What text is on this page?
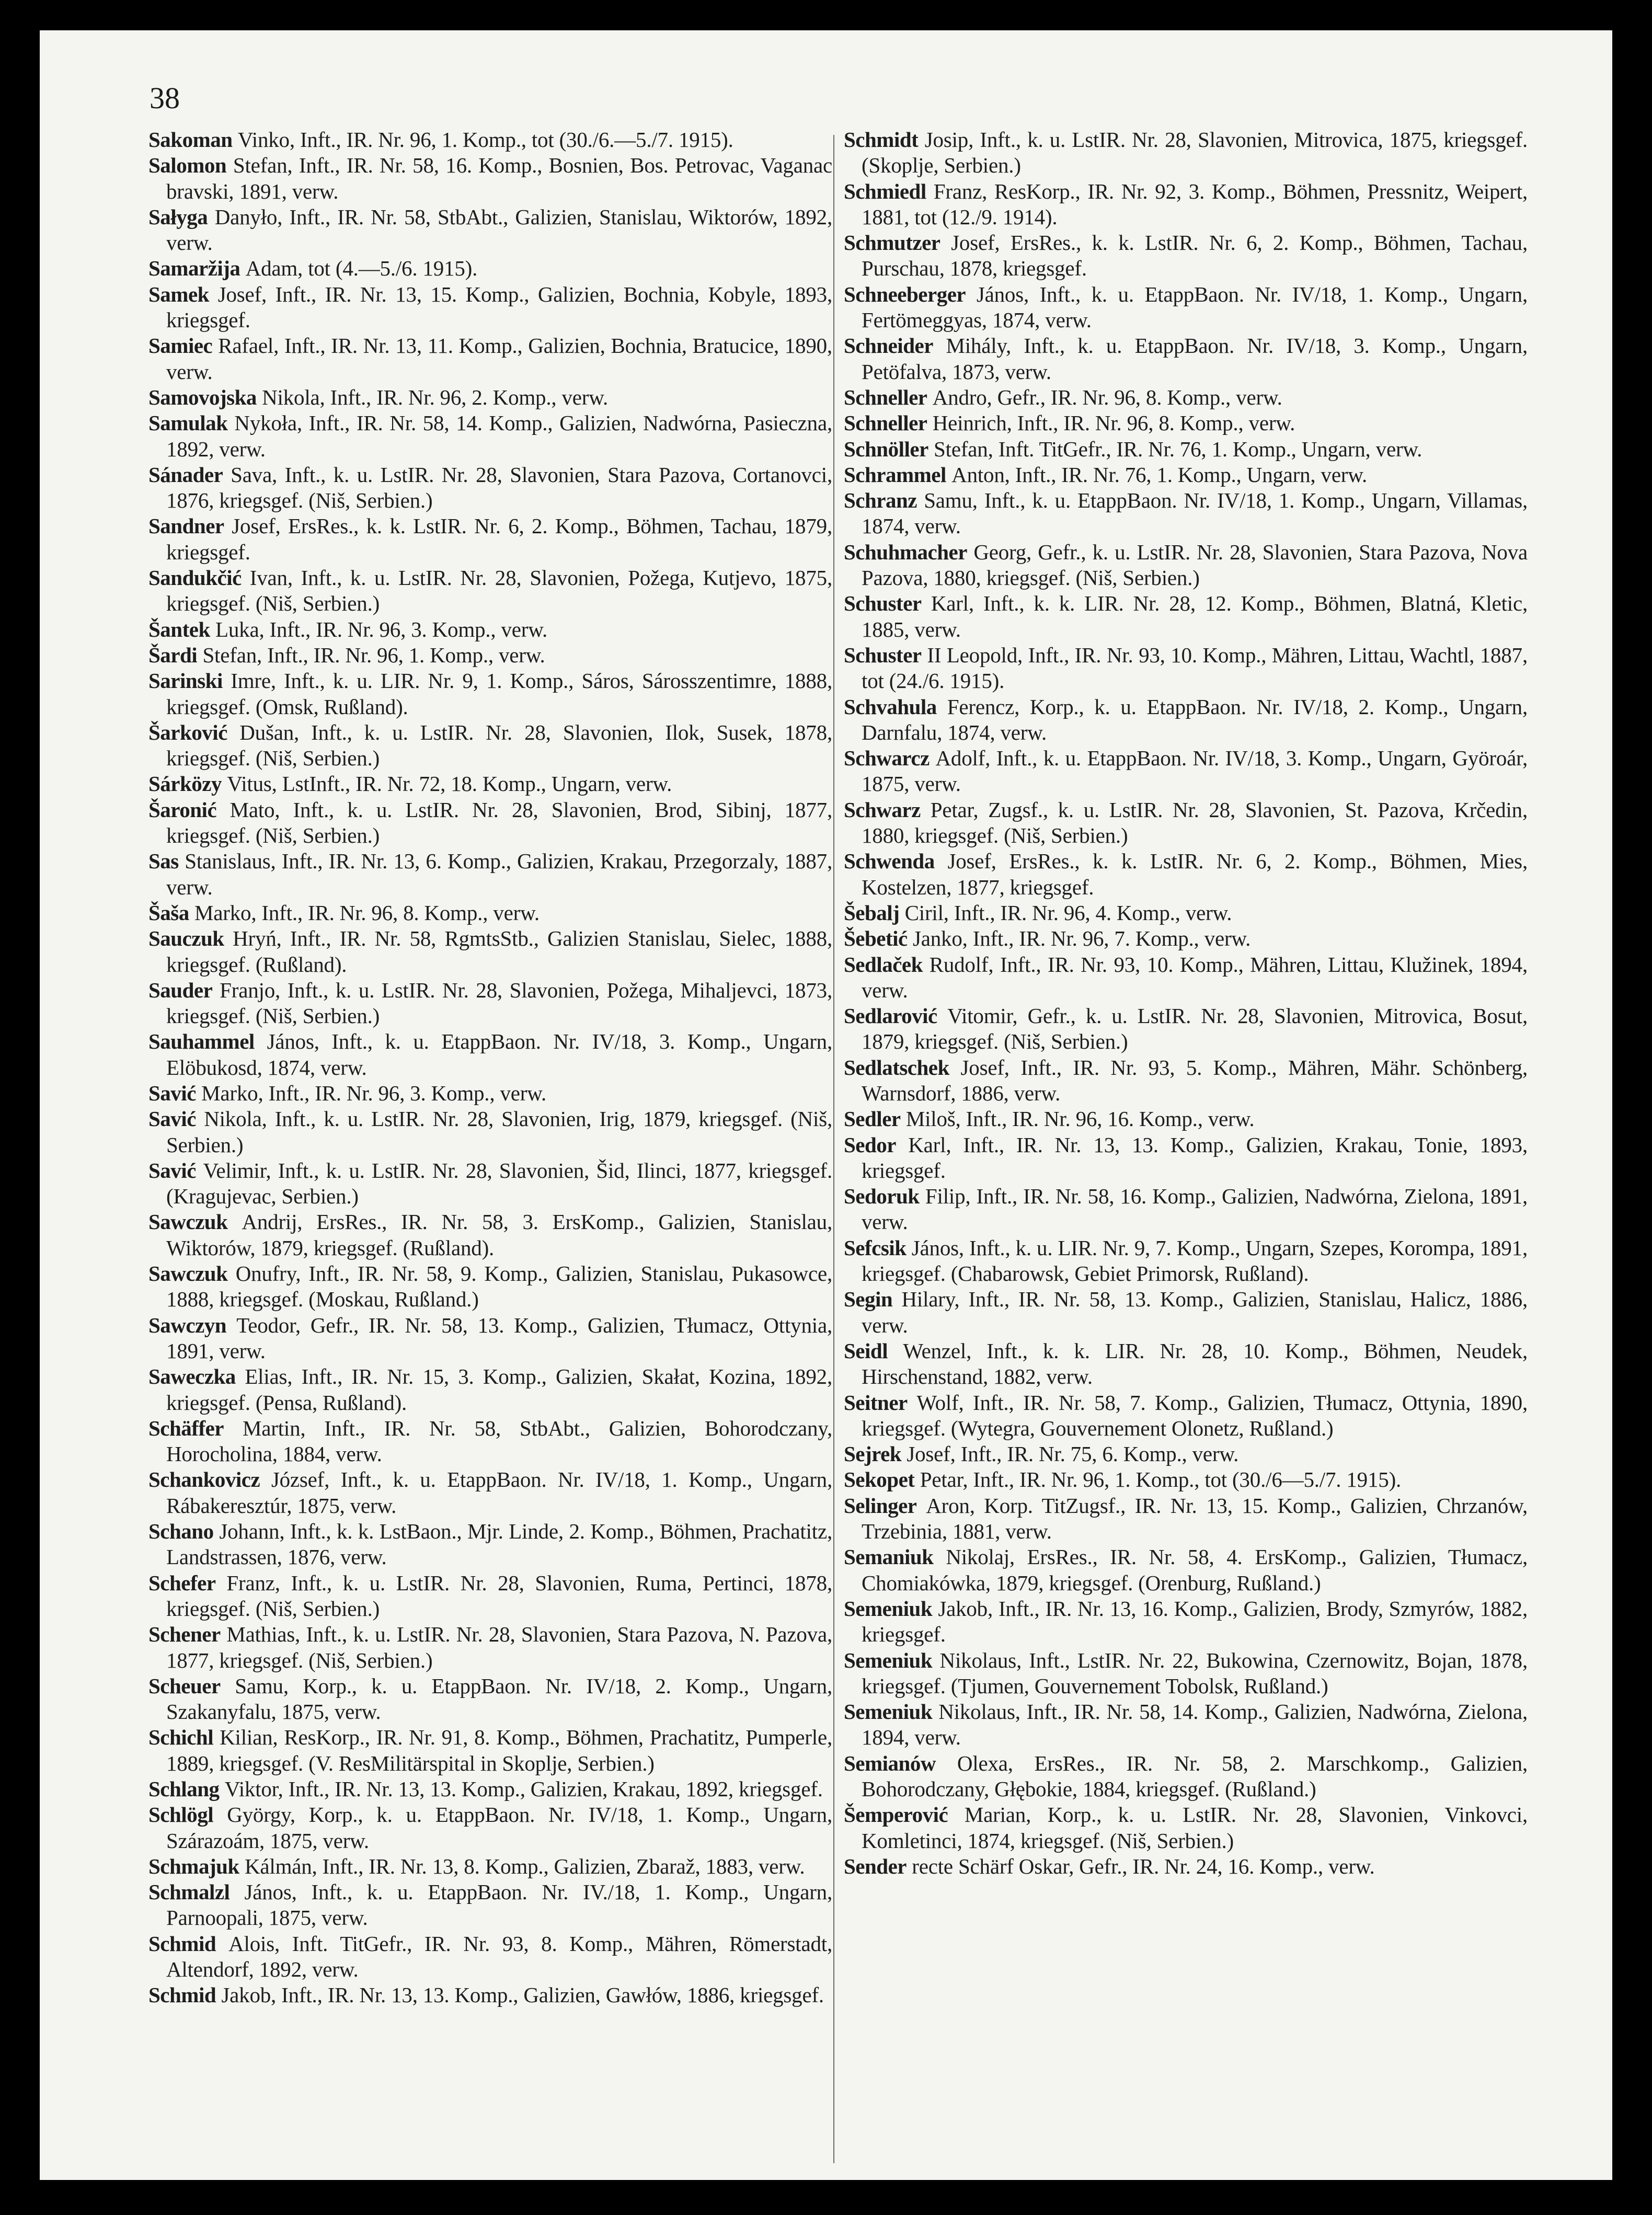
38

Sakoman Vinko, Inft., IR. Nr. 96, 1. Komp., tot (30./6.—5./7. 1915).
Salomon Stefan, Inft., IR. Nr. 58, 16. Komp., Bosnien, Bos. Petrovac, Vaganac bravski, 1891, verw.
Sałyga Danyło, Inft., IR. Nr. 58, StbAbt., Galizien, Stanislau, Wiktorów, 1892, verw.
Samaržija Adam, tot (4.—5./6. 1915).
Samek Josef, Inft., IR. Nr. 13, 15. Komp., Galizien, Bochnia, Kobyle, 1893, kriegsgef.
Samiec Rafael, Inft., IR. Nr. 13, 11. Komp., Galizien, Bochnia, Bratucice, 1890, verw.
Samovojska Nikola, Inft., IR. Nr. 96, 2. Komp., verw.
Samulak Nykoła, Inft., IR. Nr. 58, 14. Komp., Galizien, Nadwórna, Pasieczna, 1892, verw.
Sánader Sava, Inft., k. u. LstIR. Nr. 28, Slavonien, Stara Pazova, Cortanovci, 1876, kriegsgef. (Niš, Serbien.)
Sandner Josef, ErsRes., k. k. LstIR. Nr. 6, 2. Komp., Böhmen, Tachau, 1879, kriegsgef.
Sandukčić Ivan, Inft., k. u. LstIR. Nr. 28, Slavonien, Požega, Kutjevo, 1875, kriegsgef. (Niš, Serbien.)
Šantek Luka, Inft., IR. Nr. 96, 3. Komp., verw.
Šardi Stefan, Inft., IR. Nr. 96, 1. Komp., verw.
Sarinski Imre, Inft., k. u. LIR. Nr. 9, 1. Komp., Sáros, Sárosszentimre, 1888, kriegsgef. (Omsk, Rußland).
Šarković Dušan, Inft., k. u. LstIR. Nr. 28, Slavonien, Ilok, Susek, 1878, kriegsgef. (Niš, Serbien.)
Sárközy Vitus, LstInft., IR. Nr. 72, 18. Komp., Ungarn, verw.
Šaronić Mato, Inft., k. u. LstIR. Nr. 28, Slavonien, Brod, Sibinj, 1877, kriegsgef. (Niš, Serbien.)
Sas Stanislaus, Inft., IR. Nr. 13, 6. Komp., Galizien, Krakau, Przegorzaly, 1887, verw.
Šaša Marko, Inft., IR. Nr. 96, 8. Komp., verw.
Sauczuk Hryń, Inft., IR. Nr. 58, RgmtsStb., Galizien Stanislau, Sielec, 1888, kriegsgef. (Rußland).
Sauder Franjo, Inft., k. u. LstIR. Nr. 28, Slavonien, Požega, Mihaljevci, 1873, kriegsgef. (Niš, Serbien.)
Sauhammel János, Inft., k. u. EtappBaon. Nr. IV/18, 3. Komp., Ungarn, Elöbukosd, 1874, verw.
Savić Marko, Inft., IR. Nr. 96, 3. Komp., verw.
Savić Nikola, Inft., k. u. LstIR. Nr. 28, Slavonien, Irig, 1879, kriegsgef. (Niš, Serbien.)
Savić Velimir, Inft., k. u. LstIR. Nr. 28, Slavonien, Šid, Ilinci, 1877, kriegsgef. (Kragujevac, Serbien.)
Sawczuk Andrij, ErsRes., IR. Nr. 58, 3. ErsKomp., Galizien, Stanislau, Wiktorów, 1879, kriegsgef. (Rußland).
Sawczuk Onufry, Inft., IR. Nr. 58, 9. Komp., Galizien, Stanislau, Pukasowce, 1888, kriegsgef. (Moskau, Rußland.)
Sawczyn Teodor, Gefr., IR. Nr. 58, 13. Komp., Galizien, Tłumacz, Ottynia, 1891, verw.
Saweczka Elias, Inft., IR. Nr. 15, 3. Komp., Galizien, Skałat, Kozina, 1892, kriegsgef. (Pensa, Rußland).
Schäffer Martin, Inft., IR. Nr. 58, StbAbt., Galizien, Bohorodczany, Horocholina, 1884, verw.
Schankovicz József, Inft., k. u. EtappBaon. Nr. IV/18, 1. Komp., Ungarn, Rábakeresztúr, 1875, verw.
Schano Johann, Inft., k. k. LstBaon., Mjr. Linde, 2. Komp., Böhmen, Prachatitz, Landstrassen, 1876, verw.
Schefer Franz, Inft., k. u. LstIR. Nr. 28, Slavonien, Ruma, Pertinci, 1878, kriegsgef. (Niš, Serbien.)
Schener Mathias, Inft., k. u. LstIR. Nr. 28, Slavonien, Stara Pazova, N. Pazova, 1877, kriegsgef. (Niš, Serbien.)
Scheuer Samu, Korp., k. u. EtappBaon. Nr. IV/18, 2. Komp., Ungarn, Szakanyfalu, 1875, verw.
Schichl Kilian, ResKorp., IR. Nr. 91, 8. Komp., Böhmen, Prachatitz, Pumperle, 1889, kriegsgef. (V. ResMilitärspital in Skoplje, Serbien.)
Schlang Viktor, Inft., IR. Nr. 13, 13. Komp., Galizien, Krakau, 1892, kriegsgef.
Schlögl György, Korp., k. u. EtappBaon. Nr. IV/18, 1. Komp., Ungarn, Szárazoám, 1875, verw.
Schmajuk Kálmán, Inft., IR. Nr. 13, 8. Komp., Galizien, Zbaraž, 1883, verw.
Schmalzl János, Inft., k. u. EtappBaon. Nr. IV./18, 1. Komp., Ungarn, Parnoopali, 1875, verw.
Schmid Alois, Inft. TitGefr., IR. Nr. 93, 8. Komp., Mähren, Römerstadt, Altendorf, 1892, verw.
Schmid Jakob, Inft., IR. Nr. 13, 13. Komp., Galizien, Gawłów, 1886, kriegsgef.
Schmidt Josip, Inft., k. u. LstIR. Nr. 28, Slavonien, Mitrovica, 1875, kriegsgef. (Skoplje, Serbien.)
Schmiedl Franz, ResKorp., IR. Nr. 92, 3. Komp., Böhmen, Pressnitz, Weipert, 1881, tot (12./9. 1914).
Schmutzer Josef, ErsRes., k. k. LstIR. Nr. 6, 2. Komp., Böhmen, Tachau, Purschau, 1878, kriegsgef.
Schneeberger János, Inft., k. u. EtappBaon. Nr. IV/18, 1. Komp., Ungarn, Fertömeggyas, 1874, verw.
Schneider Mihály, Inft., k. u. EtappBaon. Nr. IV/18, 3. Komp., Ungarn, Petöfalva, 1873, verw.
Schneller Andro, Gefr., IR. Nr. 96, 8. Komp., verw.
Schneller Heinrich, Inft., IR. Nr. 96, 8. Komp., verw.
Schnöller Stefan, Inft. TitGefr., IR. Nr. 76, 1. Komp., Ungarn, verw.
Schrammel Anton, Inft., IR. Nr. 76, 1. Komp., Ungarn, verw.
Schranz Samu, Inft., k. u. EtappBaon. Nr. IV/18, 1. Komp., Ungarn, Villamas, 1874, verw.
Schuhmacher Georg, Gefr., k. u. LstIR. Nr. 28, Slavonien, Stara Pazova, Nova Pazova, 1880, kriegsgef. (Niš, Serbien.)
Schuster Karl, Inft., k. k. LIR. Nr. 28, 12. Komp., Böhmen, Blatná, Kletic, 1885, verw.
Schuster II Leopold, Inft., IR. Nr. 93, 10. Komp., Mähren, Littau, Wachtl, 1887, tot (24./6. 1915).
Schvahula Ferencz, Korp., k. u. EtappBaon. Nr. IV/18, 2. Komp., Ungarn, Darnfalu, 1874, verw.
Schwarcz Adolf, Inft., k. u. EtappBaon. Nr. IV/18, 3. Komp., Ungarn, Györoár, 1875, verw.
Schwarz Petar, Zugsf., k. u. LstIR. Nr. 28, Slavonien, St. Pazova, Krčedin, 1880, kriegsgef. (Niš, Serbien.)
Schwenda Josef, ErsRes., k. k. LstIR. Nr. 6, 2. Komp., Böhmen, Mies, Kostelzen, 1877, kriegsgef.
Šebalj Ciril, Inft., IR. Nr. 96, 4. Komp., verw.
Šebetić Janko, Inft., IR. Nr. 96, 7. Komp., verw.
Sedlaček Rudolf, Inft., IR. Nr. 93, 10. Komp., Mähren, Littau, Klužinek, 1894, verw.
Sedlarović Vitomir, Gefr., k. u. LstIR. Nr. 28, Slavonien, Mitrovica, Bosut, 1879, kriegsgef. (Niš, Serbien.)
Sedlatschek Josef, Inft., IR. Nr. 93, 5. Komp., Mähren, Mähr. Schönberg, Warnsdorf, 1886, verw.
Sedler Miloš, Inft., IR. Nr. 96, 16. Komp., verw.
Sedor Karl, Inft., IR. Nr. 13, 13. Komp., Galizien, Krakau, Tonie, 1893, kriegsgef.
Sedoruk Filip, Inft., IR. Nr. 58, 16. Komp., Galizien, Nadwórna, Zielona, 1891, verw.
Sefcsik János, Inft., k. u. LIR. Nr. 9, 7. Komp., Ungarn, Szepes, Korompa, 1891, kriegsgef. (Chabarowsk, Gebiet Primorsk, Rußland).
Segin Hilary, Inft., IR. Nr. 58, 13. Komp., Galizien, Stanislau, Halicz, 1886, verw.
Seidl Wenzel, Inft., k. k. LIR. Nr. 28, 10. Komp., Böhmen, Neudek, Hirschenstand, 1882, verw.
Seitner Wolf, Inft., IR. Nr. 58, 7. Komp., Galizien, Tłumacz, Ottynia, 1890, kriegsgef. (Wytegra, Gouvernement Olonetz, Rußland.)
Sejrek Josef, Inft., IR. Nr. 75, 6. Komp., verw.
Sekopet Petar, Inft., IR. Nr. 96, 1. Komp., tot (30./6—5./7. 1915).
Selinger Aron, Korp. TitZugsf., IR. Nr. 13, 15. Komp., Galizien, Chrzanów, Trzebinia, 1881, verw.
Semaniuk Nikolaj, ErsRes., IR. Nr. 58, 4. ErsKomp., Galizien, Tłumacz, Chomiakówka, 1879, kriegsgef. (Orenburg, Rußland.)
Semeniuk Jakob, Inft., IR. Nr. 13, 16. Komp., Galizien, Brody, Szmyrów, 1882, kriegsgef.
Semeniuk Nikolaus, Inft., LstIR. Nr. 22, Bukowina, Czernowitz, Bojan, 1878, kriegsgef. (Tjumen, Gouvernement Tobolsk, Rußland.)
Semeniuk Nikolaus, Inft., IR. Nr. 58, 14. Komp., Galizien, Nadwórna, Zielona, 1894, verw.
Semianów Olexa, ErsRes., IR. Nr. 58, 2. Marschkomp., Galizien, Bohorodczany, Głębokie, 1884, kriegsgef. (Rußland.)
Šemperović Marian, Korp., k. u. LstIR. Nr. 28, Slavonien, Vinkovci, Komletinci, 1874, kriegsgef. (Niš, Serbien.)
Sender recte Schärf Oskar, Gefr., IR. Nr. 24, 16. Komp., verw.
